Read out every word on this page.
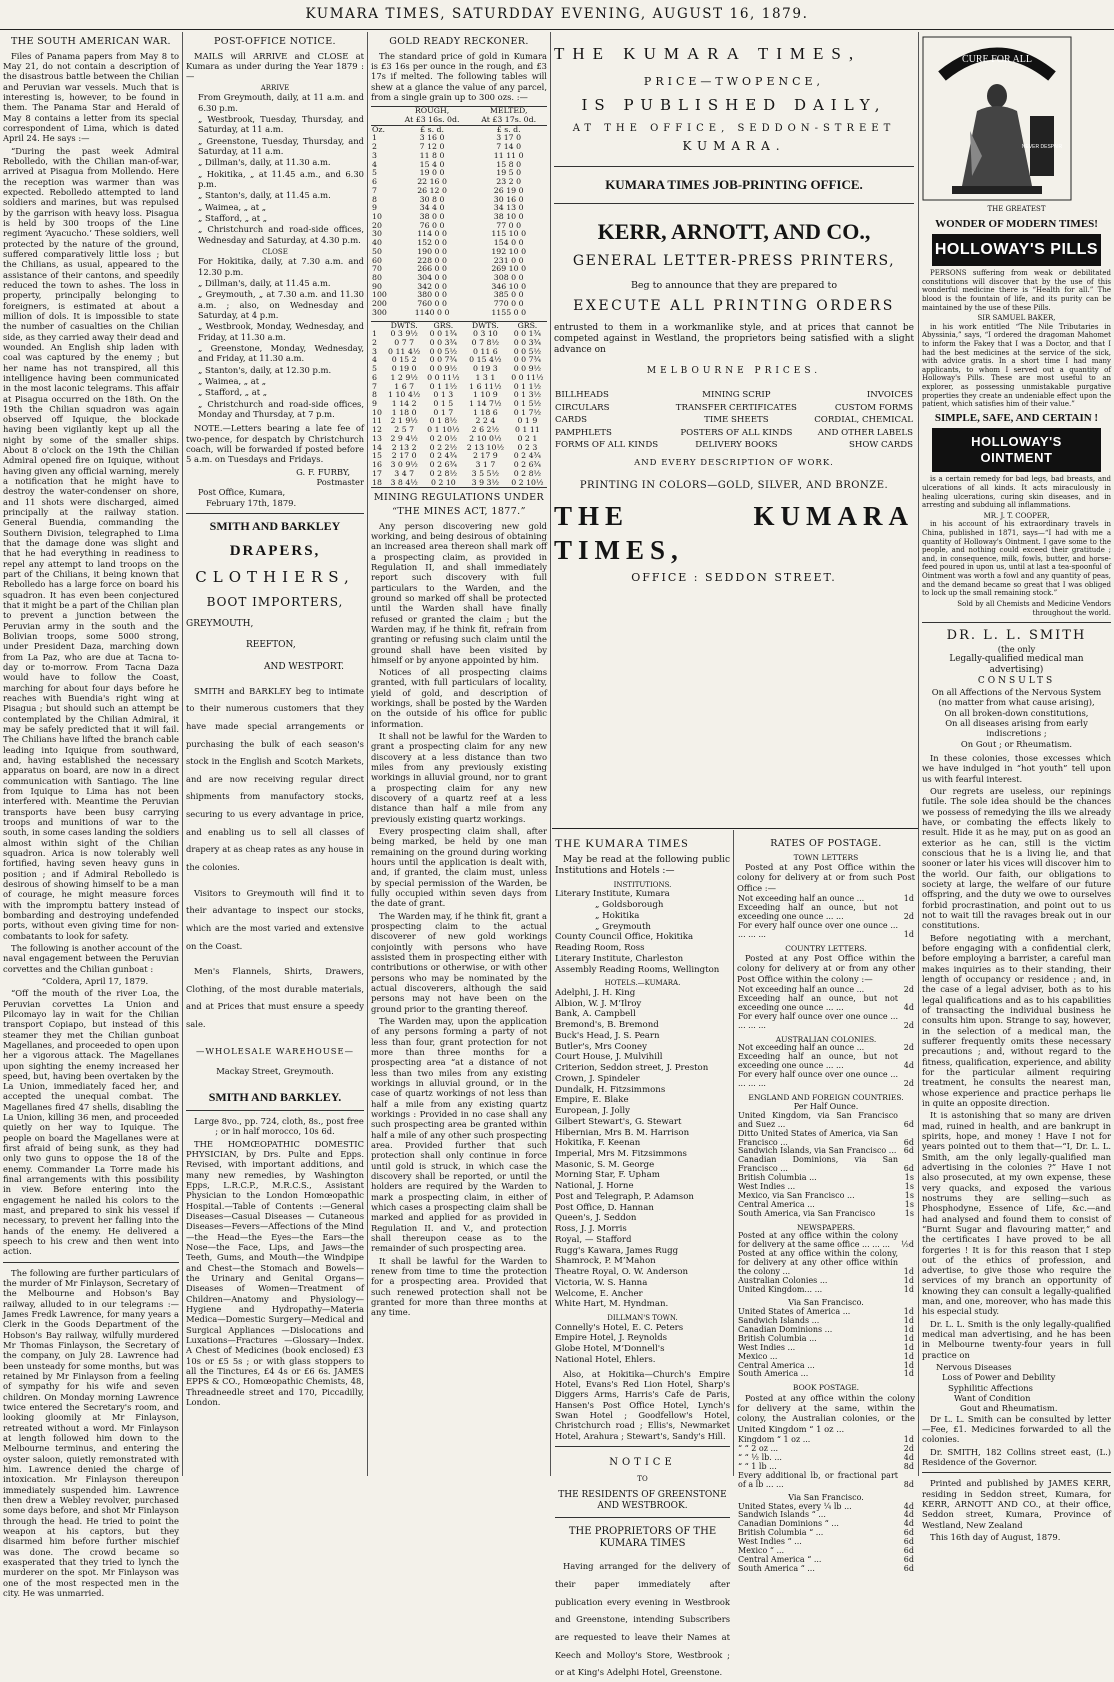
KUMARA TIMES, SATURDDAY EVENING, AUGUST 16, 1879.
THE SOUTH AMERICAN WAR.

Files of Panama papers from May 8 to May 21, do not contain a description of the disastrous battle between the Chilian and Peruvian war vessels. Much that is interesting is, however, to be found in them. The Panama Star and Herald of May 8 contains a letter from its special correspondent of Lima, which is dated April 24. He says :—

“During the past week Admiral Rebolledo, with the Chilian man-of-war, arrived at Pisagua from Mollendo. Here the reception was warmer than was expected. Rebolledo attempted to land soldiers and marines, but was repulsed by the garrison with heavy loss. Pisagua is held by 300 troops of the Line regiment ‘Ayacucho.’ These soldiers, well protected by the nature of the ground, suffered comparatively little loss ; but the Chilians, as usual, appeared to the assistance of their cantons, and speedily reduced the town to ashes. The loss in property, principally belonging to foreigners, is estimated at about a million of dols. It is impossible to state the number of casualties on the Chilian side, as they carried away their dead and wounded. An English ship laden with coal was captured by the enemy ; but her name has not transpired, all this intelligence having been communicated in the most laconic telegrams. This affair at Pisagua occurred on the 18th. On the 19th the Chilian squadron was again observed off Iquique, the blockade having been vigilantly kept up all the night by some of the smaller ships. About 8 o'clock on the 19th the Chilian Admiral opened fire on Iquique, without having given any official warning, merely a notification that he might have to destroy the water-condenser on shore, and 11 shots were discharged, aimed principally at the railway station. General Buendia, commanding the Southern Division, telegraphed to Lima that the damage done was slight and that he had everything in readiness to repel any attempt to land troops on the part of the Chilians, it being known that Rebolledo has a large force on board his squadron. It has even been conjectured that it might be a part of the Chilian plan to prevent a junction between the Peruvian army in the south and the Bolivian troops, some 5000 strong, under President Daza, marching down from La Paz, who are due at Tacna to-day or to-morrow. From Tacna Daza would have to follow the Coast, marching for about four days before he reaches with Buendia's right wing at Pisagua ; but should such an attempt be contemplated by the Chilian Admiral, it may be safely predicted that it will fail. The Chilians have lifted the branch cable leading into Iquique from southward, and, having established the necessary apparatus on board, are now in a direct communication with Santiago. The line from Iquique to Lima has not been interfered with. Meantime the Peruvian transports have been busy carrying troops and munitions of war to the south, in some cases landing the soldiers almost within sight of the Chilian squadron. Arica is now tolerably well fortified, having seven heavy guns in position ; and if Admiral Rebolledo is desirous of showing himself to be a man of courage, he might measure forces with the impromptu battery instead of bombarding and destroying undefended ports, without even giving time for non-combatants to look for safety.

The following is another account of the naval engagement between the Peruvian corvettes and the Chilian gunboat :

“Coldera, April 17, 1879.

“Off the mouth of the river Loa, the Peruvian corvettes La Union and Pilcomayo lay in wait for the Chilian transport Copiapo, but instead of this steamer they met the Chilian gunboat Magellanes, and proceeded to open upon her a vigorous attack. The Magellanes upon sighting the enemy increased her speed, but, having been overtaken by the La Union, immediately faced her, and accepted the unequal combat. The Magellanes fired 47 shells, disabling the La Union, killing 36 men, and proceeded quietly on her way to Iquique. The people on board the Magellanes were at first afraid of being sunk, as they had only two guns to oppose the 18 of the enemy. Commander La Torre made his final arrangements with this possibility in view. Before entering into the engagement he nailed his colors to the mast, and prepared to sink his vessel if necessary, to prevent her falling into the hands of the enemy. He delivered a speech to his crew and then went into action.

The following are further particulars of the murder of Mr Finlayson, Secretary of the Melbourne and Hobson's Bay railway, alluded to in our telegrams :—James Fredk Lawrence, for many years a Clerk in the Goods Department of the Hobson's Bay railway, wilfully murdered Mr Thomas Finlayson, the Secretary of the company, on July 28. Lawrence had been unsteady for some months, but was retained by Mr Finlayson from a feeling of sympathy for his wife and seven children. On Monday morning Lawrence twice entered the Secretary's room, and looking gloomily at Mr Finlayson, retreated without a word. Mr Finlayson at length followed him down to the Melbourne terminus, and entering the oyster saloon, quietly remonstrated with him. Lawrence denied the charge of intoxication. Mr Finlayson thereupon immediately suspended him. Lawrence then drew a Webley revolver, purchased some days before, and shot Mr Finlayson through the head. He tried to point the weapon at his captors, but they disarmed him before further mischief was done. The crowd became so exasperated that they tried to lynch the murderer on the spot. Mr Finlayson was one of the most respected men in the city. He was unmarried.

POST-OFFICE NOTICE.

MAILS will ARRIVE and CLOSE at Kumara as under during the Year 1879 :—

ARRIVE
From Greymouth, daily, at 11 a.m. and 6.30 p.m.
„ Westbrook, Tuesday, Thursday, and Saturday, at 11 a.m.
„ Greenstone, Tuesday, Thursday, and Saturday, at 11 a.m.
„ Dillman's, daily, at 11.30 a.m.
„ Hokitika, „ at 11.45 a.m., and 6.30 p.m.
„ Stanton's, daily, at 11.45 a.m.
„ Waimea, „ at „
„ Stafford, „ at „
„ Christchurch and road-side offices, Wednesday and Saturday, at 4.30 p.m.
CLOSE
For Hokitika, daily, at 7.30 a.m. and 12.30 p.m.
„ Dillman's, daily, at 11.45 a.m.
„ Greymouth, „ at 7.30 a.m. and 11.30 a.m. ; also, on Wednesday and Saturday, at 4 p.m.
„ Westbrook, Monday, Wednesday, and Friday, at 11.30 a.m.
„ Greenstone, Monday, Wednesday, and Friday, at 11.30 a.m.
„ Stanton's, daily, at 12.30 p.m.
„ Waimea, „ at „
„ Stafford, „ at „
„ Christchurch and road-side offices, Monday and Thursday, at 7 p.m.

NOTE.—Letters bearing a late fee of two-pence, for despatch by Christchurch coach, will be forwarded if posted before 5 a.m. on Tuesdays and Fridays.

G. F. FURBY,
Postmaster
Post Office, Kumara,
February 17th, 1879.
SMITH AND BARKLEY
DRAPERS,
CLOTHIERS,
BOOT IMPORTERS,
GREYMOUTH,
REEFTON,
AND WESTPORT.

SMITH and BARKLEY beg to intimate to their numerous customers that they have made special arrangements or purchasing the bulk of each season's stock in the English and Scotch Markets, and are now receiving regular direct shipments from manufactory stocks, securing to us every advantage in price, and enabling us to sell all classes of drapery at as cheap rates as any house in the colonies.

Visitors to Greymouth will find it to their advantage to inspect our stocks, which are the most varied and extensive on the Coast.

Men's Flannels, Shirts, Drawers, Clothing, of the most durable materials, and at Prices that must ensure a speedy sale.

—WHOLESALE WAREHOUSE—
Mackay Street, Greymouth.
SMITH AND BARKLEY.

Large 8vo., pp. 724, cloth, 8s., post free ; or in half morocco, 10s 6d.

THE HOMŒOPATHIC DOMESTIC PHYSICIAN, by Drs. Pulte and Epps. Revised, with important additions, and many new remedies, by Washington Epps, L.R.C.P., M.R.C.S., Assistant Physician to the London Homœopathic Hospital.—Table of Contents :—General Diseases—Casual Diseases — Cutaneous Diseases—Fevers—Affections of the Mind —the Head—the Eyes—the Ears—the Nose—the Face, Lips, and Jaws—the Teeth, Gums, and Mouth—the Windpipe and Chest—the Stomach and Bowels—the Urinary and Genital Organs—Diseases of Women—Treatment of Children—Anatomy and Physiology—Hygiene and Hydropathy—Materia Medica—Domestic Surgery—Medical and Surgical Appliances —Dislocations and Luxations—Fractures —Glossary—Index. A Chest of Medicines (book enclosed) £3 10s or £5 5s ; or with glass stoppers to all the Tinctures, £4 4s or £6 6s. JAMES EPPS & CO., Homœopathic Chemists, 48, Threadneedle street and 170, Piccadilly, London.

GOLD READY RECKONER.

The standard price of gold in Kumara is £3 16s per ounce in the rough, and £3 17s if melted. The following tables will shew at a glance the value of any parcel, from a single grain up to 300 ozs. :—

	ROUGH,	MELTED,
	At £3 16s. 0d.	At £3 17s. 0d.
Oz.	£ s. d.	£ s. d.
1	3 16 0	3 17 0
2	7 12 0	7 14 0
3	11 8 0	11 11 0
4	15 4 0	15 8 0
5	19 0 0	19 5 0
6	22 16 0	23 2 0
7	26 12 0	26 19 0
8	30 8 0	30 16 0
9	34 4 0	34 13 0
10	38 0 0	38 10 0
20	76 0 0	77 0 0
30	114 0 0	115 10 0
40	152 0 0	154 0 0
50	190 0 0	192 10 0
60	228 0 0	231 0 0
70	266 0 0	269 10 0
80	304 0 0	308 0 0
90	342 0 0	346 10 0
100	380 0 0	385 0 0
200	760 0 0	770 0 0
300	1140 0 0	1155 0 0
	DWTS.	GRS.	DWTS.	GRS.
1	0 3 9½	0 0 1¾	0 3 10	0 0 1¾
2	0 7 7	0 0 3¾	0 7 8½	0 0 3¾
3	0 11 4½	0 0 5½	0 11 6	0 0 5½
4	0 15 2	0 0 7¾	0 15 4½	0 0 7¾
5	0 19 0	0 0 9½	0 19 3	0 0 9½
6	1 2 9½	0 0 11½	1 3 1	0 0 11½
7	1 6 7	0 1 1½	1 6 11½	0 1 1½
8	1 10 4½	0 1 3	1 10 9	0 1 3½
9	1 14 2	0 1 5	1 14 7½	0 1 5½
10	1 18 0	0 1 7	1 18 6	0 1 7½
11	2 1 9½	0 1 8½	2 2 4	0 1 9
12	2 5 7	0 1 10½	2 6 2½	0 1 11
13	2 9 4½	0 2 0½	2 10 0½	0 2 1
14	2 13 2	0 2 2½	2 13 10½	0 2 3
15	2 17 0	0 2 4¾	2 17 9	0 2 4¾
16	3 0 9½	0 2 6¾	3 1 7	0 2 6¾
17	3 4 7	0 2 8½	3 5 5½	0 2 8½
18	3 8 4½	0 2 10	3 9 3½	0 2 10½
MINING REGULATIONS UNDER
“THE MINES ACT, 1877.”

Any person discovering new gold working, and being desirous of obtaining an increased area thereon shall mark off a prospecting claim, as provided in Regulation II, and shall immediately report such discovery with full particulars to the Warden, and the ground so marked off shall be protected until the Warden shall have finally refused or granted the claim ; but the Warden may, if he think fit, refrain from granting or refusing such claim until the ground shall have been visited by himself or by anyone appointed by him.

Notices of all prospecting claims granted, with full particulars of locality, yield of gold, and description of workings, shall be posted by the Warden on the outside of his office for public information.

It shall not be lawful for the Warden to grant a prospecting claim for any new discovery at a less distance than two miles from any previously existing workings in alluvial ground, nor to grant a prospecting claim for any new discovery of a quartz reef at a less distance than half a mile from any previously existing quartz workings.

Every prospecting claim shall, after being marked, be held by one man remaining on the ground during working hours until the application is dealt with, and, if granted, the claim must, unless by special permission of the Warden, be fully occupied within seven days from the date of grant.

The Warden may, if he think fit, grant a prospecting claim to the actual discoverer of new gold workings conjointly with persons who have assisted them in prospecting either with contributions or otherwise, or with other persons who may be nominated by the actual discoverers, although the said persons may not have been on the ground prior to the granting thereof.

The Warden may, upon the application of any persons forming a party of not less than four, grant protection for not more than three months for a prospecting area “at a distance of not less than two miles from any existing workings in alluvial ground, or in the case of quartz workings of not less than half a mile from any existing quartz workings : Provided in no case shall any such prospecting area be granted within half a mile of any other such prospecting area. Provided further that such protection shall only continue in force until gold is struck, in which case the discovery shall be reported, or until the holders are required by the Warden to mark a prospecting claim, in either of which cases a prospecting claim shall be marked and applied for as provided in Regulation II. and V., and protection shall thereupon cease as to the remainder of such prospecting area.

It shall be lawful for the Warden to renew from time to time the protection for a prospecting area. Provided that such renewed protection shall not be granted for more than three months at any time.

THE KUMARA TIMES,
PRICE—TWOPENCE,
IS PUBLISHED DAILY,
AT THE OFFICE, SEDDON-STREET
KUMARA.
KUMARA TIMES JOB-PRINTING OFFICE.
KERR, ARNOTT, AND CO.,
GENERAL LETTER-PRESS PRINTERS,
Beg to announce that they are prepared to
EXECUTE ALL PRINTING ORDERS

entrusted to them in a workmanlike style, and at prices that cannot be competed against in Westland, the proprietors being satisfied with a slight advance on

MELBOURNE PRICES.
BILLHEADS	MINING SCRIP	INVOICES
CIRCULARS	TRANSFER CERTIFICATES	CUSTOM FORMS
CARDS	TIME SHEETS	CORDIAL, CHEMICAL
PAMPHLETS	POSTERS OF ALL KINDS	AND OTHER LABELS
FORMS OF ALL KINDS	DELIVERY BOOKS	SHOW CARDS
AND EVERY DESCRIPTION OF WORK.
PRINTING IN COLORS—GOLD, SILVER, AND BRONZE.
THE KUMARA TIMES,
OFFICE : SEDDON STREET.
THE KUMARA TIMES

May be read at the following public Institutions and Hotels :—

INSTITUTIONS.
Literary Institute, Kumara
„ Goldsborough
„ Hokitika
„ Greymouth
County Council Office, Hokitika
Reading Room, Ross
Literary Institute, Charleston
Assembly Reading Rooms, Wellington
HOTELS.—KUMARA.
Adelphi, J. H. King
Albion, W. J. M’Ilroy
Bank, A. Campbell
Bremond's, B. Bremond
Buck's Head, J. S. Pearn
Butler's, Mrs Cooney
Court House, J. Mulvihill
Criterion, Seddon street, J. Preston
Crown, J. Spindeler
Dundalk, H. Fitzsimmons
Empire, E. Blake
European, J. Jolly
Gilbert Stewart's, G. Stewart
Hibernian, Mrs B. M. Harrison
Hokitika, F. Keenan
Imperial, Mrs M. Fitzsimmons
Masonic, S. M. George
Morning Star, F. Upham
National, J. Horne
Post and Telegraph, P. Adamson
Post Office, D. Hannan
Queen's, J. Seddon
Ross, J. J. Morris
Royal, — Stafford
Rugg's Kawara, James Rugg
Shamrock, P. M’Mahon
Theatre Royal, O. W. Anderson
Victoria, W. S. Hanna
Welcome, E. Ancher
White Hart, M. Hyndman.
DILLMAN'S TOWN.
Connelly's Hotel, E. C. Peters
Empire Hotel, J. Reynolds
Globe Hotel, M’Donnell's
National Hotel, Ehlers.

Also, at Hokitika—Church's Empire Hotel, Evans's Red Lion Hotel, Sharp's Diggers Arms, Harris's Cafe de Paris, Hansen's Post Office Hotel, Lynch's Swan Hotel ; Goodfellow's Hotel, Christchurch road ; Ellis's, Newmarket Hotel, Arahura ; Stewart's, Sandy's Hill.

NOTICE
TO
THE RESIDENTS OF GREENSTONE AND WESTBROOK.
THE PROPRIETORS OF THE KUMARA TIMES

Having arranged for the delivery of their paper immediately after publication every evening in Westbrook and Greenstone, intending Subscribers are requested to leave their Names at Keech and Molloy's Store, Westbrook ; or at King's Adelphi Hotel, Greenstone.

RATES OF POSTAGE.
TOWN LETTERS

Posted at any Post Office within the colony for delivery at or from such Post Office :—

Not exceeding half an ounce ...	1d
Exceeding half an ounce, but not exceeding one ounce ... ...	2d
For every half ounce over one ounce ... ... ... ...	1d
COUNTRY LETTERS.

Posted at any Post Office within the colony for delivery at or from any other Post Office within the colony :—

Not exceeding half an ounce ...	2d
Exceeding half an ounce, but not exceeding one ounce ... ...	4d
For every half ounce over one ounce ... ... ... ...	2d
AUSTRALIAN COLONIES.
Not exceeding half an ounce ...	2d
Exceeding half an ounce, but not exceeding one ounce ... ...	4d
For every half ounce over one ounce ... ... ... ...	2d
ENGLAND AND FOREIGN COUNTRIES.
Per Half Ounce.
United Kingdom, via San Francisco and Suez ...	6d
Ditto United States of America, via San Francisco ...	6d
Sandwich Islands, via San Francisco ...	6d
Canadian Dominions, via San Francisco ...	6d
British Columbia ...	1s
West Indies ...	1s
Mexico, via San Francisco ...	1s
Central America ...	1s
South America, via San Francisco	1s
NEWSPAPERS.
Posted at any office within the colony for delivery at the same office ... ... ...	½d
Posted at any office within the colony, for delivery at any other office within the colony ...	1d
Australian Colonies ...	1d
United Kingdom... ...	1d
Via San Francisco.
United States of America ...	1d
Sandwich Islands ...	1d
Canadian Dominions ...	1d
British Columbia ...	1d
West Indies ...	1d
Mexico ...	1d
Central America ...	1d
South America ...	1d
BOOK POSTAGE.

Posted at any office within the colony for delivery at the same, within the colony, the Australian colonies, or the United Kingdom “ 1 oz ...

Kingdom “ 1 oz ...	1d
“ “ 2 oz ...	2d
“ “ ½ lb. ...	4d
“ “ 1 lb ...	8d
Every additional lb, or fractional part of a lb ... ...	8d
Via San Francisco.
United States, every ¼ lb ...	4d
Sandwich Islands “ ...	4d
Canadian Dominions “ ...	4d
British Columbia “ ...	6d
West Indies “ ...	6d
Mexico “ ...	6d
Central America “ ...	6d
South America “ ...	6d
CURE FOR ALL
NEVER DESPAIR
THE GREATEST
WONDER OF MODERN TIMES!
HOLLOWAY'S PILLS

PERSONS suffering from weak or debilitated constitutions will discover that by the use of this wonderful medicine there is “Health for all.” The blood is the fountain of life, and its purity can be maintained by the use of these Pills.

SIR SAMUEL BAKER,

in his work entitled “The Nile Tributaries in Abyssinia,” says, “I ordered the dragoman Mahomet to inform the Fakey that I was a Doctor, and that I had the best medicines at the service of the sick, with advice gratis. In a short time I had many applicants, to whom I served out a quantity of Holloway's Pills. These are most useful to an explorer, as possessing unmistakable purgative properties they create an undeniable effect upon the patient, which satisfies him of their value.”

SIMPLE, SAFE, AND CERTAIN !
HOLLOWAY'S OINTMENT

is a certain remedy for bad legs, bad breasts, and ulcerations of all kinds. It acts miraculously in healing ulcerations, curing skin diseases, and in arresting and subduing all inflammations.

MR. J. T. COOPER,

in his account of his extraordinary travels in China, published in 1871, says—“I had with me a quantity of Holloway's Ointment. I gave some to the people, and nothing could exceed their gratitude ; and, in consequence, milk, fowls, butter, and horse-feed poured in upon us, until at last a tea-spoonful of Ointment was worth a fowl and any quantity of peas, and the demand became so great that I was obliged to lock up the small remaining stock.”

Sold by all Chemists and Medicine Vendors throughout the world.

DR. L. L. SMITH
(the only
Legally-qualified medical man advertising)
CONSULTS
On all Affections of the Nervous System
(no matter from what cause arising),
On all broken-down constitutions,
On all diseases arising from early indiscretions ;
On Gout ; or Rheumatism.

In these colonies, those excesses which we have indulged in “hot youth” tell upon us with fearful interest.

Our regrets are useless, our repinings futile. The sole idea should be the chances we possess of remedying the ills we already have, or combating the effects likely to result. Hide it as he may, put on as good an exterior as he can, still is the victim conscious that he is a living lie, and that sooner or later his vices will discover him to the world. Our faith, our obligations to society at large, the welfare of our future offspring, and the duty we owe to ourselves forbid procrastination, and point out to us not to wait till the ravages break out in our constitutions.

Before negotiating with a merchant, before engaging with a confidential clerk, before employing a barrister, a careful man makes inquiries as to their standing, their length of occupancy or residence ; and, in the case of a legal adviser, both as to his legal qualifications and as to his capabilities of transacting the individual business he consults him upon. Strange to say, however, in the selection of a medical man, the sufferer frequently omits these necessary precautions ; and, without regard to the fitness, qualification, experience, and ability for the particular ailment requiring treatment, he consults the nearest man, whose experience and practice perhaps lie in quite an opposite direction.

It is astonishing that so many are driven mad, ruined in health, and are bankrupt in spirits, hope, and money ! Have I not for years pointed out to them that—“I, Dr. L. L. Smith, am the only legally-qualified man advertising in the colonies ?” Have I not also prosecuted, at my own expense, these very quacks, and exposed the various nostrums they are selling—such as Phosphodyne, Essence of Life, &c.—and had analysed and found them to consist of “Burnt Sugar and flavouring matter,” and the certificates I have proved to be all forgeries ! It is for this reason that I step out of the ethics of profession, and advertise, to give those who require the services of my branch an opportunity of knowing they can consult a legally-qualified man, and one, moreover, who has made this his especial study.

Dr. L. L. Smith is the only legally-qualified medical man advertising, and he has been in Melbourne twenty-four years in full practice on

Nervous Diseases
Loss of Power and Debility
Syphilitic Affections
Want of Condition
Gout and Rheumatism.

Dr L. L. Smith can be consulted by letter—Fee, £1. Medicines forwarded to all the colonies.

Dr. SMITH, 182 Collins street east, (L.) Residence of the Governor.

Printed and published by JAMES KERR, residing in Seddon street, Kumara, for KERR, ARNOTT AND CO., at their office, Seddon street, Kumara, Province of Westland, New Zealand

This 16th day of August, 1879.
